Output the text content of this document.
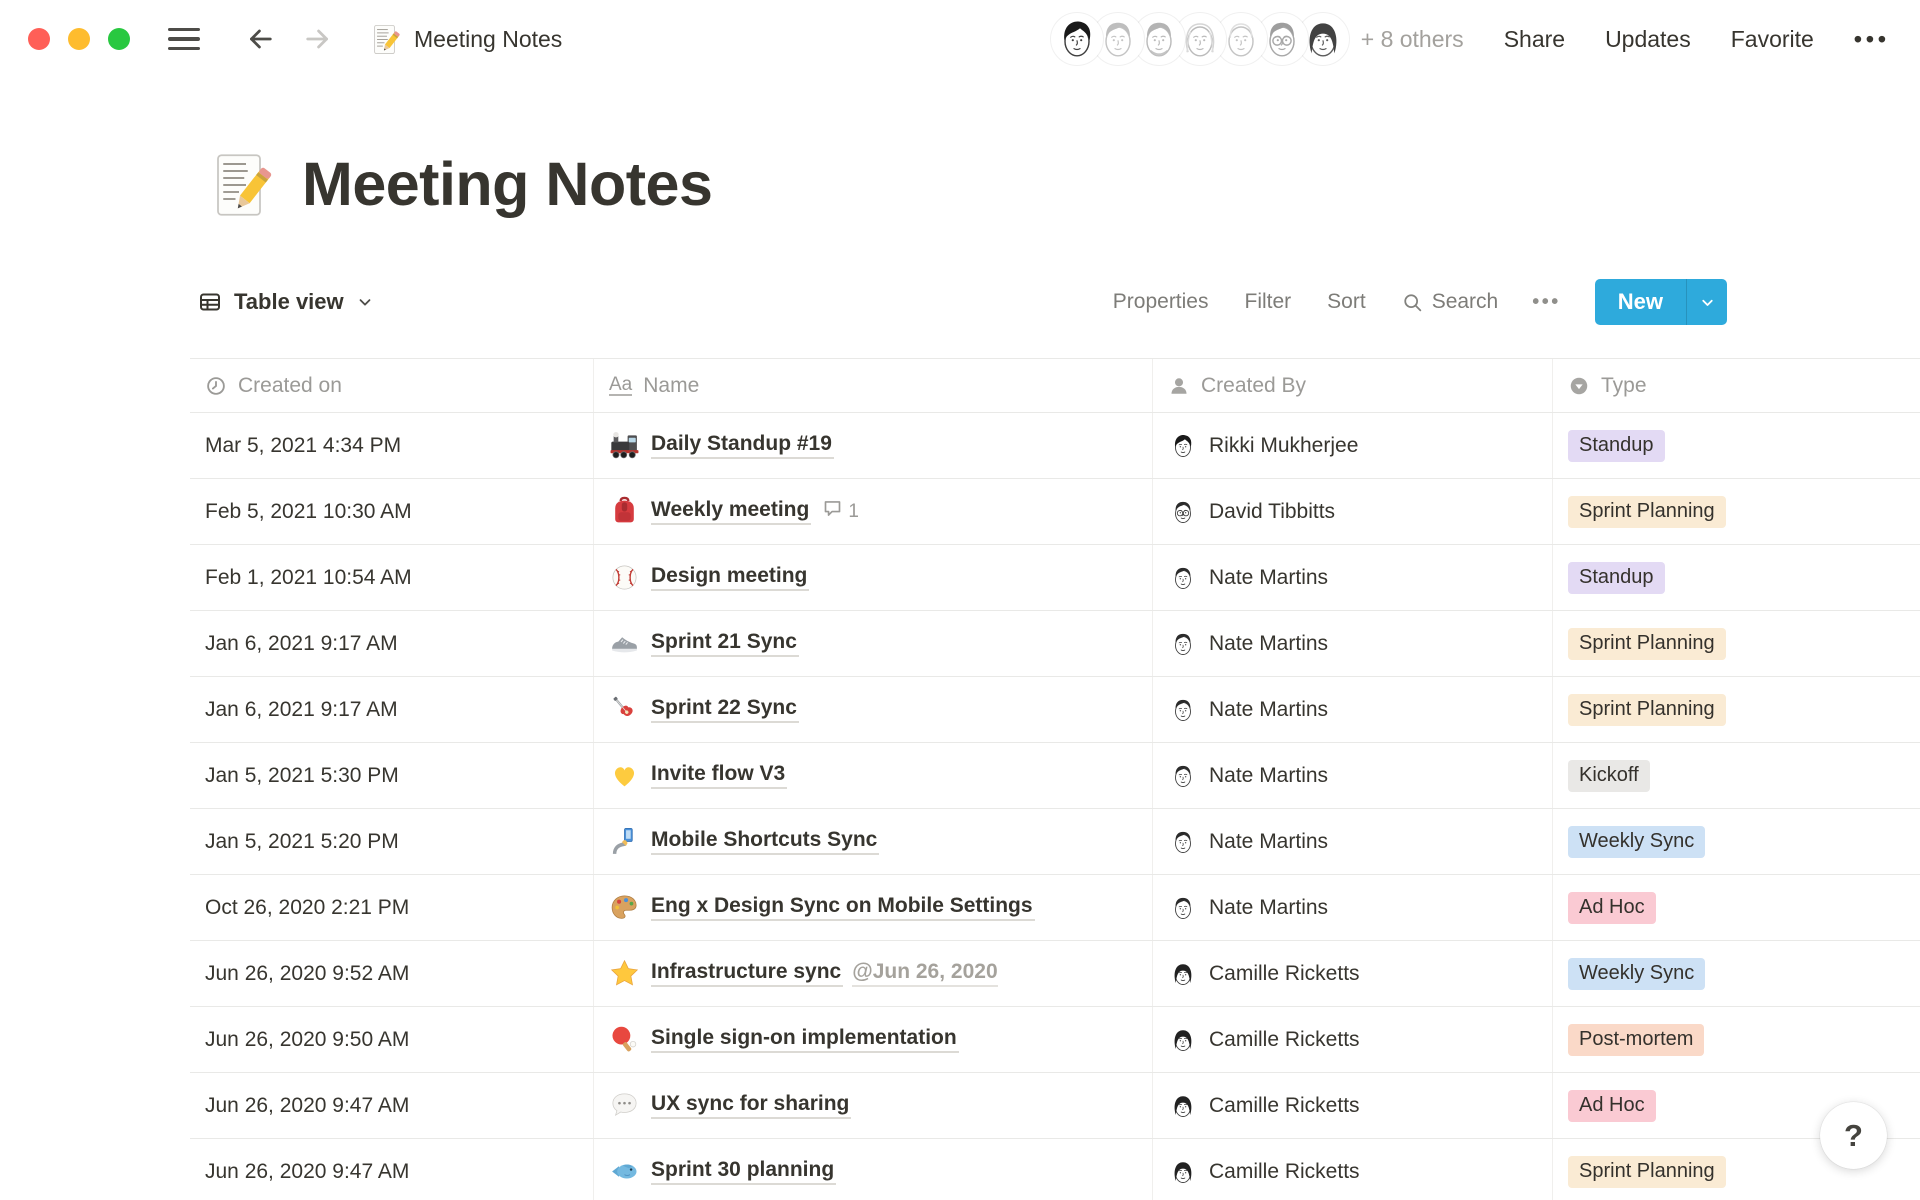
Meeting Notes	+ 8 others Share Updates Favorite •••
Meeting Notes
Table view	Properties Filter Sort	Search •••	New
Created on	Aa Name	Created By	Type
Mar 5, 2021 4:34 PM	Daily Standup #19	Rikki Mukherjee	Standup
Feb 5, 2021 10:30 AM	Weekly meeting 1	David Tibbitts	Sprint Planning
Feb 1, 2021 10:54 AM	Design meeting	Nate Martins	Standup
Jan 6, 2021 9:17 AM	Sprint 21 Sync	Nate Martins	Sprint Planning
Jan 6, 2021 9:17 AM	Sprint 22 Sync	Nate Martins	Sprint Planning
Jan 5, 2021 5:30 PM	Invite flow V3	Nate Martins	Kickoff
Jan 5, 2021 5:20 PM	Mobile Shortcuts Sync	Nate Martins	Weekly Sync
Oct 26, 2020 2:21 PM	Eng x Design Sync on Mobile Settings	Nate Martins	Ad Hoc
Jun 26, 2020 9:52 AM	Infrastructure sync @Jun 26, 2020	Camille Ricketts	Weekly Sync
Jun 26, 2020 9:50 AM	Single sign-on implementation	Camille Ricketts	Post-mortem
Jun 26, 2020 9:47 AM	UX sync for sharing	Camille Ricketts	Ad Hoc
Jun 26, 2020 9:47 AM	Sprint 30 planning	Camille Ricketts	Sprint Planning
?
